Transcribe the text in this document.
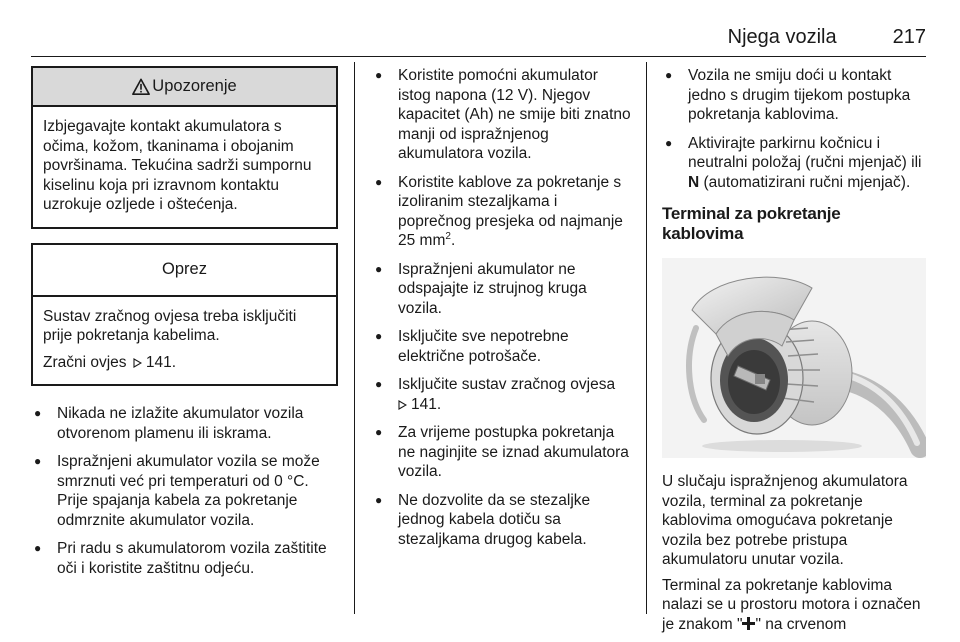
Njega vozila	217
Upozorenje

Izbjegavajte kontakt akumulatora s očima, kožom, tkaninama i obojanim površinama. Tekućina sadrži sumpornu kiselinu koja pri izravnom kontaktu uzrokuje ozljede i oštećenja.

Oprez

Sustav zračnog ovjesa treba isključiti prije pokretanja kabelima.

Zračni ovjes 141.

● Nikada ne izlažite akumulator vozila otvorenom plamenu ili iskrama.
● Ispražnjeni akumulator vozila se može smrznuti već pri temperaturi od 0 °C. Prije spajanja kabela za pokretanje odmrznite akumulator vozila.
● Pri radu s akumulatorom vozila zaštitite oči i koristite zaštitnu odjeću.
● Koristite pomoćni akumulator istog napona (12 V). Njegov kapacitet (Ah) ne smije biti znatno manji od ispražnjenog akumulatora vozila.
● Koristite kablove za pokretanje s izoliranim stezaljkama i poprečnog presjeka od najmanje 25 $mm^2$.
● Ispražnjeni akumulator ne odspajajte iz strujnog kruga vozila.
● Isključite sve nepotrebne električne potrošače.
● Isključite sustav zračnog ovjesa
141.
● Za vrijeme postupka pokretanja ne naginjite se iznad akumulatora vozila.
● Ne dozvolite da se stezaljke jednog kabela dotiču sa stezaljkama drugog kabela.
● Vozila ne smiju doći u kontakt jedno s drugim tijekom postupka pokretanja kablovima.
● Aktivirajte parkirnu kočnicu i neutralni položaj (ručni mjenjač) ili N (automatizirani ručni mjenjač).
Terminal za pokretanje kablovima

U slučaju ispražnjenog akumulatora vozila, terminal za pokretanje kablovima omogućava pokretanje vozila bez potrebe pristupa akumulatoru unutar vozila.

Terminal za pokretanje kablovima nalazi se u prostoru motora i označen je znakom " " na crvenom
